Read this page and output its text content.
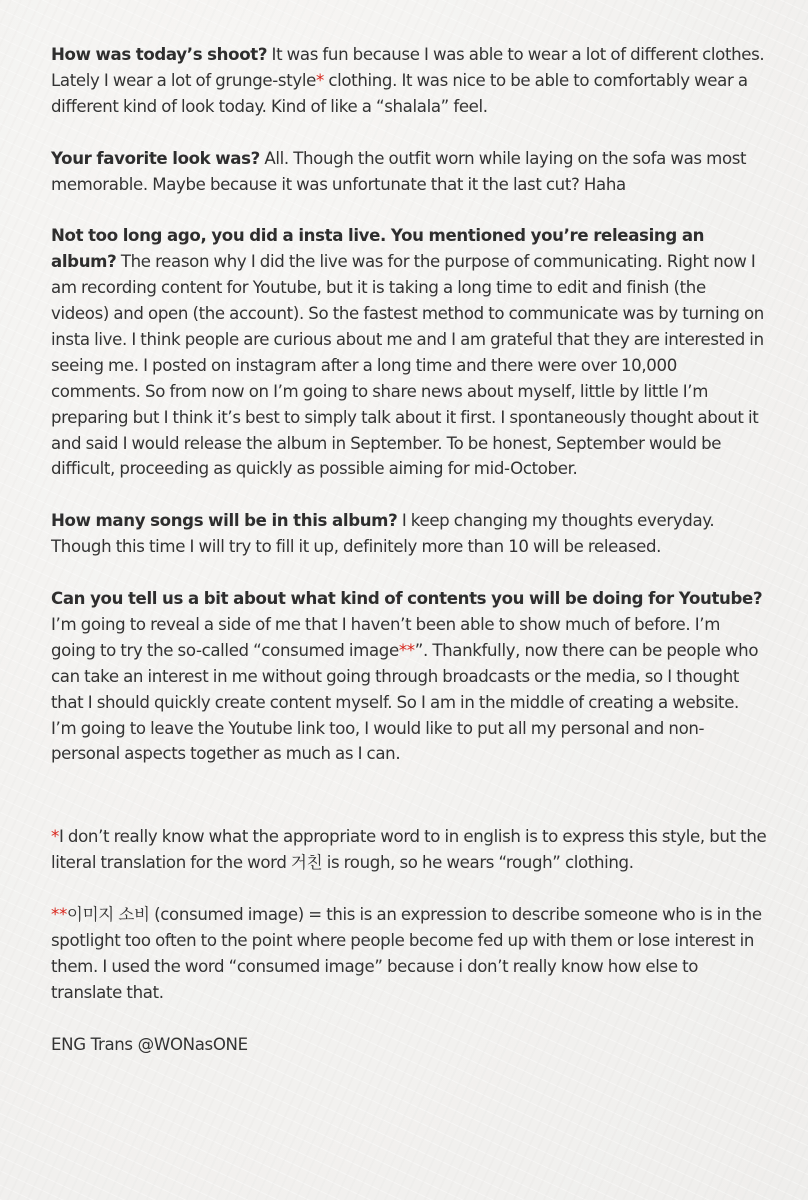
How was today’s shoot? It was fun because I was able to wear a lot of different clothes. Lately I wear a lot of grunge-style* clothing. It was nice to be able to comfortably wear a different kind of look today. Kind of like a “shalala” feel.

Your favorite look was? All. Though the outfit worn while laying on the sofa was most memorable. Maybe because it was unfortunate that it the last cut? Haha

Not too long ago, you did a insta live. You mentioned you’re releasing an album? The reason why I did the live was for the purpose of communicating. Right now I am recording content for Youtube, but it is taking a long time to edit and finish (the videos) and open (the account). So the fastest method to communicate was by turning on insta live. I think people are curious about me and I am grateful that they are interested in seeing me. I posted on instagram after a long time and there were over 10,000 comments. So from now on I’m going to share news about myself, little by little I’m preparing but I think it’s best to simply talk about it first. I spontaneously thought about it and said I would release the album in September. To be honest, September would be difficult, proceeding as quickly as possible aiming for mid-October.

How many songs will be in this album? I keep changing my thoughts everyday. Though this time I will try to fill it up, definitely more than 10 will be released.

Can you tell us a bit about what kind of contents you will be doing for Youtube? I’m going to reveal a side of me that I haven’t been able to show much of before. I’m going to try the so-called “consumed image**”. Thankfully, now there can be people who can take an interest in me without going through broadcasts or the media, so I thought that I should quickly create content myself. So I am in the middle of creating a website. I’m going to leave the Youtube link too, I would like to put all my personal and non-personal aspects together as much as I can.

*I don’t really know what the appropriate word to in english is to express this style, but the literal translation for the word 거친 is rough, so he wears “rough” clothing.

**이미지 소비 (consumed image) = this is an expression to describe someone who is in the spotlight too often to the point where people become fed up with them or lose interest in them. I used the word “consumed image” because i don’t really know how else to translate that.

ENG Trans @WONasONE
